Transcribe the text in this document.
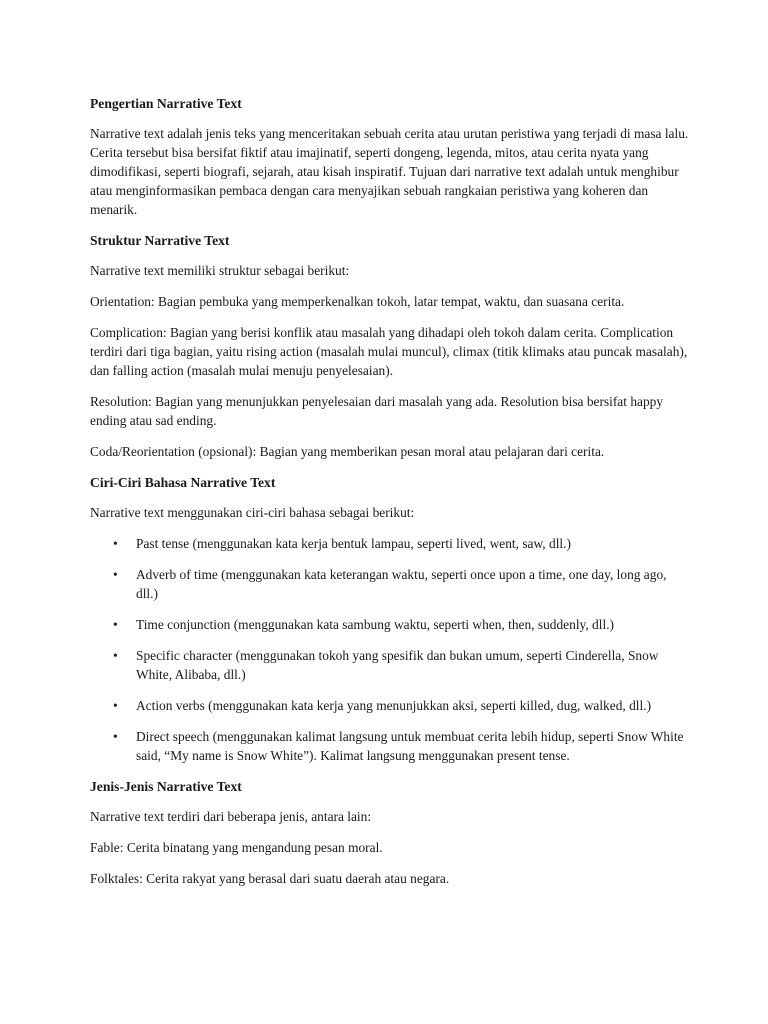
Pengertian Narrative Text

Narrative text adalah jenis teks yang menceritakan sebuah cerita atau urutan peristiwa yang terjadi di masa lalu. Cerita tersebut bisa bersifat fiktif atau imajinatif, seperti dongeng, legenda, mitos, atau cerita nyata yang dimodifikasi, seperti biografi, sejarah, atau kisah inspiratif. Tujuan dari narrative text adalah untuk menghibur atau menginformasikan pembaca dengan cara menyajikan sebuah rangkaian peristiwa yang koheren dan menarik.

Struktur Narrative Text

Narrative text memiliki struktur sebagai berikut:

Orientation: Bagian pembuka yang memperkenalkan tokoh, latar tempat, waktu, dan suasana cerita.

Complication: Bagian yang berisi konflik atau masalah yang dihadapi oleh tokoh dalam cerita. Complication terdiri dari tiga bagian, yaitu rising action (masalah mulai muncul), climax (titik klimaks atau puncak masalah), dan falling action (masalah mulai menuju penyelesaian).

Resolution: Bagian yang menunjukkan penyelesaian dari masalah yang ada. Resolution bisa bersifat happy ending atau sad ending.

Coda/Reorientation (opsional): Bagian yang memberikan pesan moral atau pelajaran dari cerita.

Ciri-Ciri Bahasa Narrative Text

Narrative text menggunakan ciri-ciri bahasa sebagai berikut:

• Past tense (menggunakan kata kerja bentuk lampau, seperti lived, went, saw, dll.)
• Adverb of time (menggunakan kata keterangan waktu, seperti once upon a time, one day, long ago, dll.)
• Time conjunction (menggunakan kata sambung waktu, seperti when, then, suddenly, dll.)
• Specific character (menggunakan tokoh yang spesifik dan bukan umum, seperti Cinderella, Snow White, Alibaba, dll.)
• Action verbs (menggunakan kata kerja yang menunjukkan aksi, seperti killed, dug, walked, dll.)
• Direct speech (menggunakan kalimat langsung untuk membuat cerita lebih hidup, seperti Snow White said, “My name is Snow White”). Kalimat langsung menggunakan present tense.
Jenis-Jenis Narrative Text

Narrative text terdiri dari beberapa jenis, antara lain:

Fable: Cerita binatang yang mengandung pesan moral.

Folktales: Cerita rakyat yang berasal dari suatu daerah atau negara.
